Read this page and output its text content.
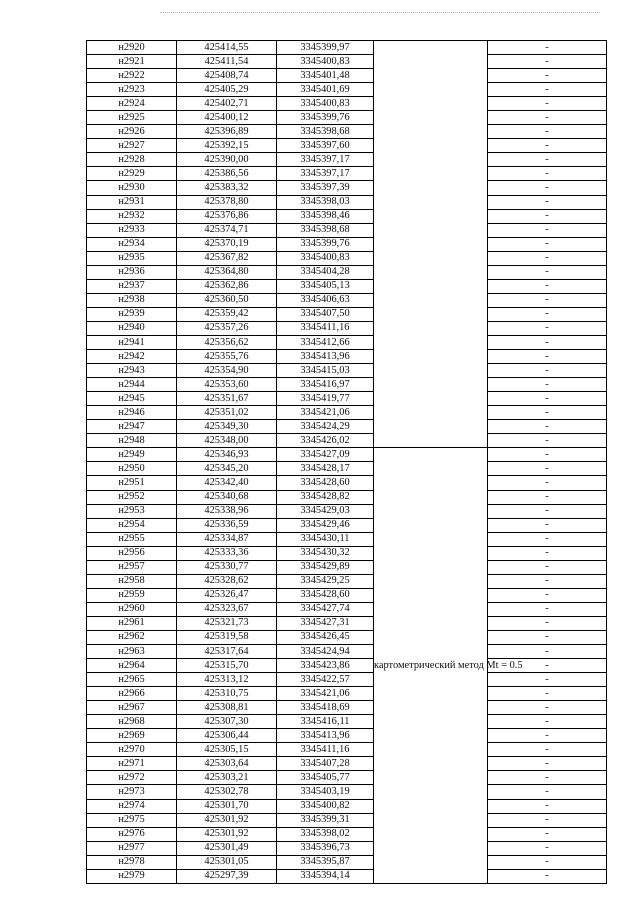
н2920	425414,55	3345399,97		-
н2921	425411,54	3345400,83		-
н2922	425408,74	3345401,48		-
н2923	425405,29	3345401,69		-
н2924	425402,71	3345400,83		-
н2925	425400,12	3345399,76		-
н2926	425396,89	3345398,68		-
н2927	425392,15	3345397,60		-
н2928	425390,00	3345397,17		-
н2929	425386,56	3345397,17		-
н2930	425383,32	3345397,39		-
н2931	425378,80	3345398,03		-
н2932	425376,86	3345398,46		-
н2933	425374,71	3345398,68		-
н2934	425370,19	3345399,76		-
н2935	425367,82	3345400,83		-
н2936	425364,80	3345404,28		-
н2937	425362,86	3345405,13		-
н2938	425360,50	3345406,63		-
н2939	425359,42	3345407,50		-
н2940	425357,26	3345411,16		-
н2941	425356,62	3345412,66		-
н2942	425355,76	3345413,96		-
н2943	425354,90	3345415,03		-
н2944	425353,60	3345416,97		-
н2945	425351,67	3345419,77		-
н2946	425351,02	3345421,06		-
н2947	425349,30	3345424,29		-
н2948	425348,00	3345426,02		-
н2949	425346,93	3345427,09	картометрический метод Mt = 0.5	-
н2950	425345,20	3345428,17		-
н2951	425342,40	3345428,60		-
н2952	425340,68	3345428,82		-
н2953	425338,96	3345429,03		-
н2954	425336,59	3345429,46		-
н2955	425334,87	3345430,11		-
н2956	425333,36	3345430,32		-
н2957	425330,77	3345429,89		-
н2958	425328,62	3345429,25		-
н2959	425326,47	3345428,60		-
н2960	425323,67	3345427,74		-
н2961	425321,73	3345427,31		-
н2962	425319,58	3345426,45		-
н2963	425317,64	3345424,94		-
н2964	425315,70	3345423,86		-
н2965	425313,12	3345422,57		-
н2966	425310,75	3345421,06		-
н2967	425308,81	3345418,69		-
н2968	425307,30	3345416,11		-
н2969	425306,44	3345413,96		-
н2970	425305,15	3345411,16		-
н2971	425303,64	3345407,28		-
н2972	425303,21	3345405,77		-
н2973	425302,78	3345403,19		-
н2974	425301,70	3345400,82		-
н2975	425301,92	3345399,31		-
н2976	425301,92	3345398,02		-
н2977	425301,49	3345396,73		-
н2978	425301,05	3345395,87		-
н2979	425297,39	3345394,14		-
